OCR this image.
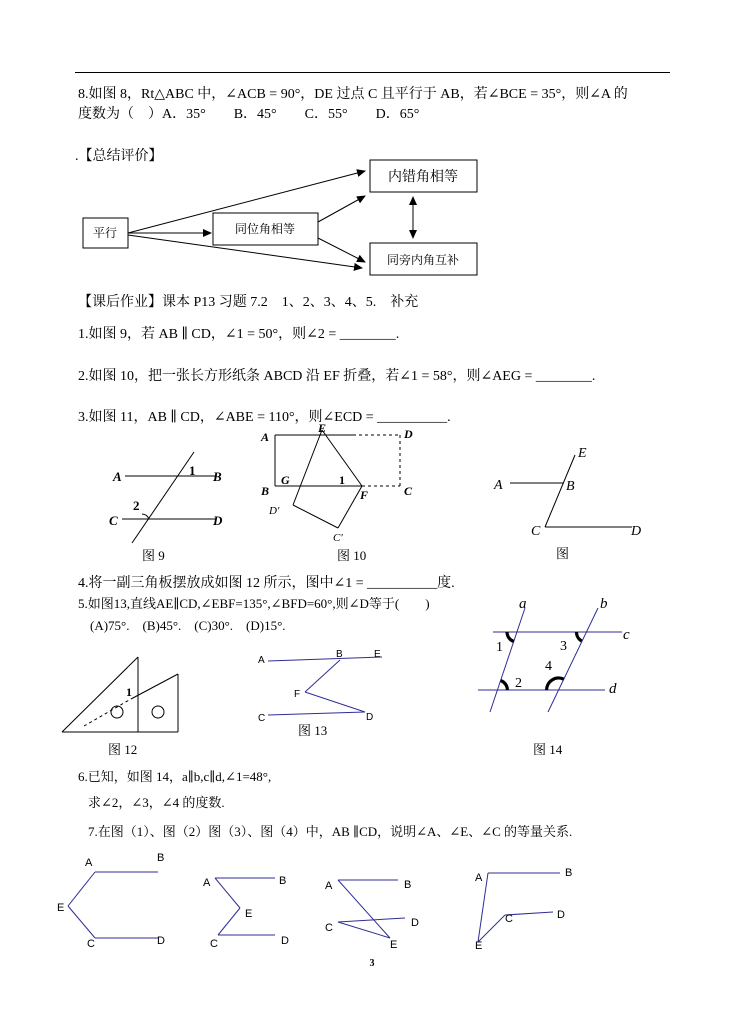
8.如图 8，Rt△ABC 中，∠ACB = 90°，DE 过点 C 且平行于 AB，若∠BCE = 35°，则∠A 的
度数为（　）A．35°　　B．45°　　C．55°　　D．65°
.【总结评价】
【课后作业】课本 P13 习题 7.2　1、2、3、4、5.　补充
1.如图 9，若 AB ∥ CD，∠1 = 50°，则∠2 = ________.
2.如图 10，把一张长方形纸条 ABCD 沿 EF 折叠，若∠1 = 58°，则∠AEG = ________.
3.如图 11，AB ∥ CD，∠ABE = 110°，则∠ECD = __________.
4.将一副三角板摆放成如图 12 所示，图中∠1 = __________度.
5.如图13,直线AE∥CD,∠EBF=135°,∠BFD=60°,则∠D等于(　　)
(A)75°.　(B)45°.　(C)30°.　(D)15°.
6.已知，如图 14，a∥b,c∥d,∠1=48°,
求∠2，∠3，∠4 的度数.
7.在图（1）、图（2）图（3）、图（4）中，AB ∥CD，说明∠A、∠E、∠C 的等量关系.
平行	同位角相等
内错角相等
同旁内角互补
A	B
C	D
1
2
图 9
A
E	D
B
G	1
F	C
D′
C′
图 10
E
A	B
C	D
图
1
图 12
A
B	E
F
C	D
图 13
a	b
c
d
1	3
2
4
图 14
A	B
E
C	D
A	B
E
C	D
A	B
C	D
E
A	B
C	D
E
3
